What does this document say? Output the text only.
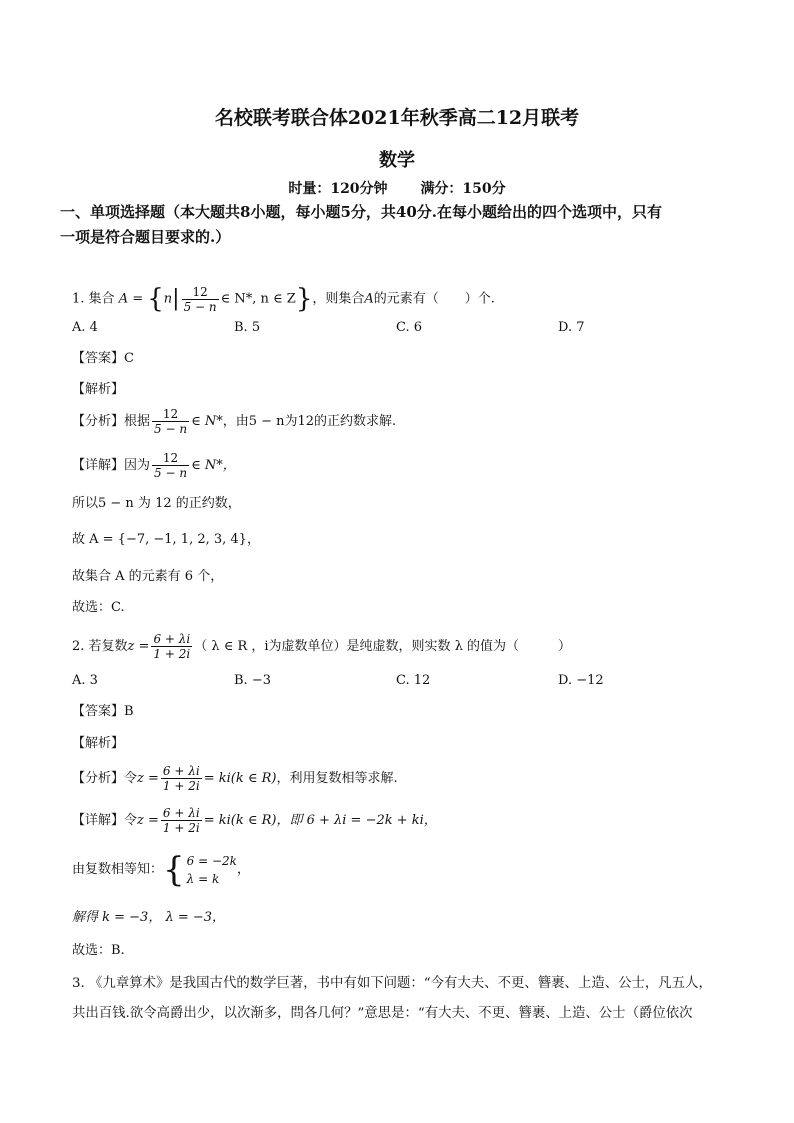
名校联考联合体2021年秋季高二12月联考
数学
时量：120分钟 满分：150分
一、单项选择题（本大题共8小题，每小题5分，共40分.在每小题给出的四个选项中，只有
一项是符合题目要求的.）
1. 集合 $A = \{n| \frac{12}{5 - n}$ ∈ N*, n ∈ Z}，则集合A的元素有（　　）个.
A. 4	B. 5	C. 6	D. 7
【答案】C
【解析】
【分析】根据 $\frac{12}{5 - n}$ ∈ N*，由5 − n为12的正约数求解.
【详解】因为 $\frac{12}{5 - n}$ ∈ N*，
所以5 − n 为 12 的正约数，
故 A = {−7, −1, 1, 2, 3, 4}，
故集合 A 的元素有 6 个，
故选：C.
2. 若复数$z = \frac{6 + \lambda i}{1 + 2i}$ （ λ ∈ R ，i为虚数单位）是纯虚数，则实数 λ 的值为（　　　）
A. 3	B. −3	C. 12	D. −12
【答案】B
【解析】
【分析】令$z = \frac{6 + \lambda i}{1 + 2i} = ki(k$ ∈ R)，利用复数相等求解.
【详解】令$z = \frac{6 + \lambda i}{1 + 2i} = ki(k$ ∈ R)，即 6 + λi = −2k + ki，
由复数相等知：{ 6 = −2k
λ = k
，
解得 k = −3， λ = −3，
故选：B.
3. 《九章算术》是我国古代的数学巨著，书中有如下问题：“今有大夫、不更、簪裹、上造、公士，凡五人，
共出百钱.欲令高爵出少，以次渐多，問各几何？”意思是：“有大夫、不更、簪裹、上造、公士（爵位依次
